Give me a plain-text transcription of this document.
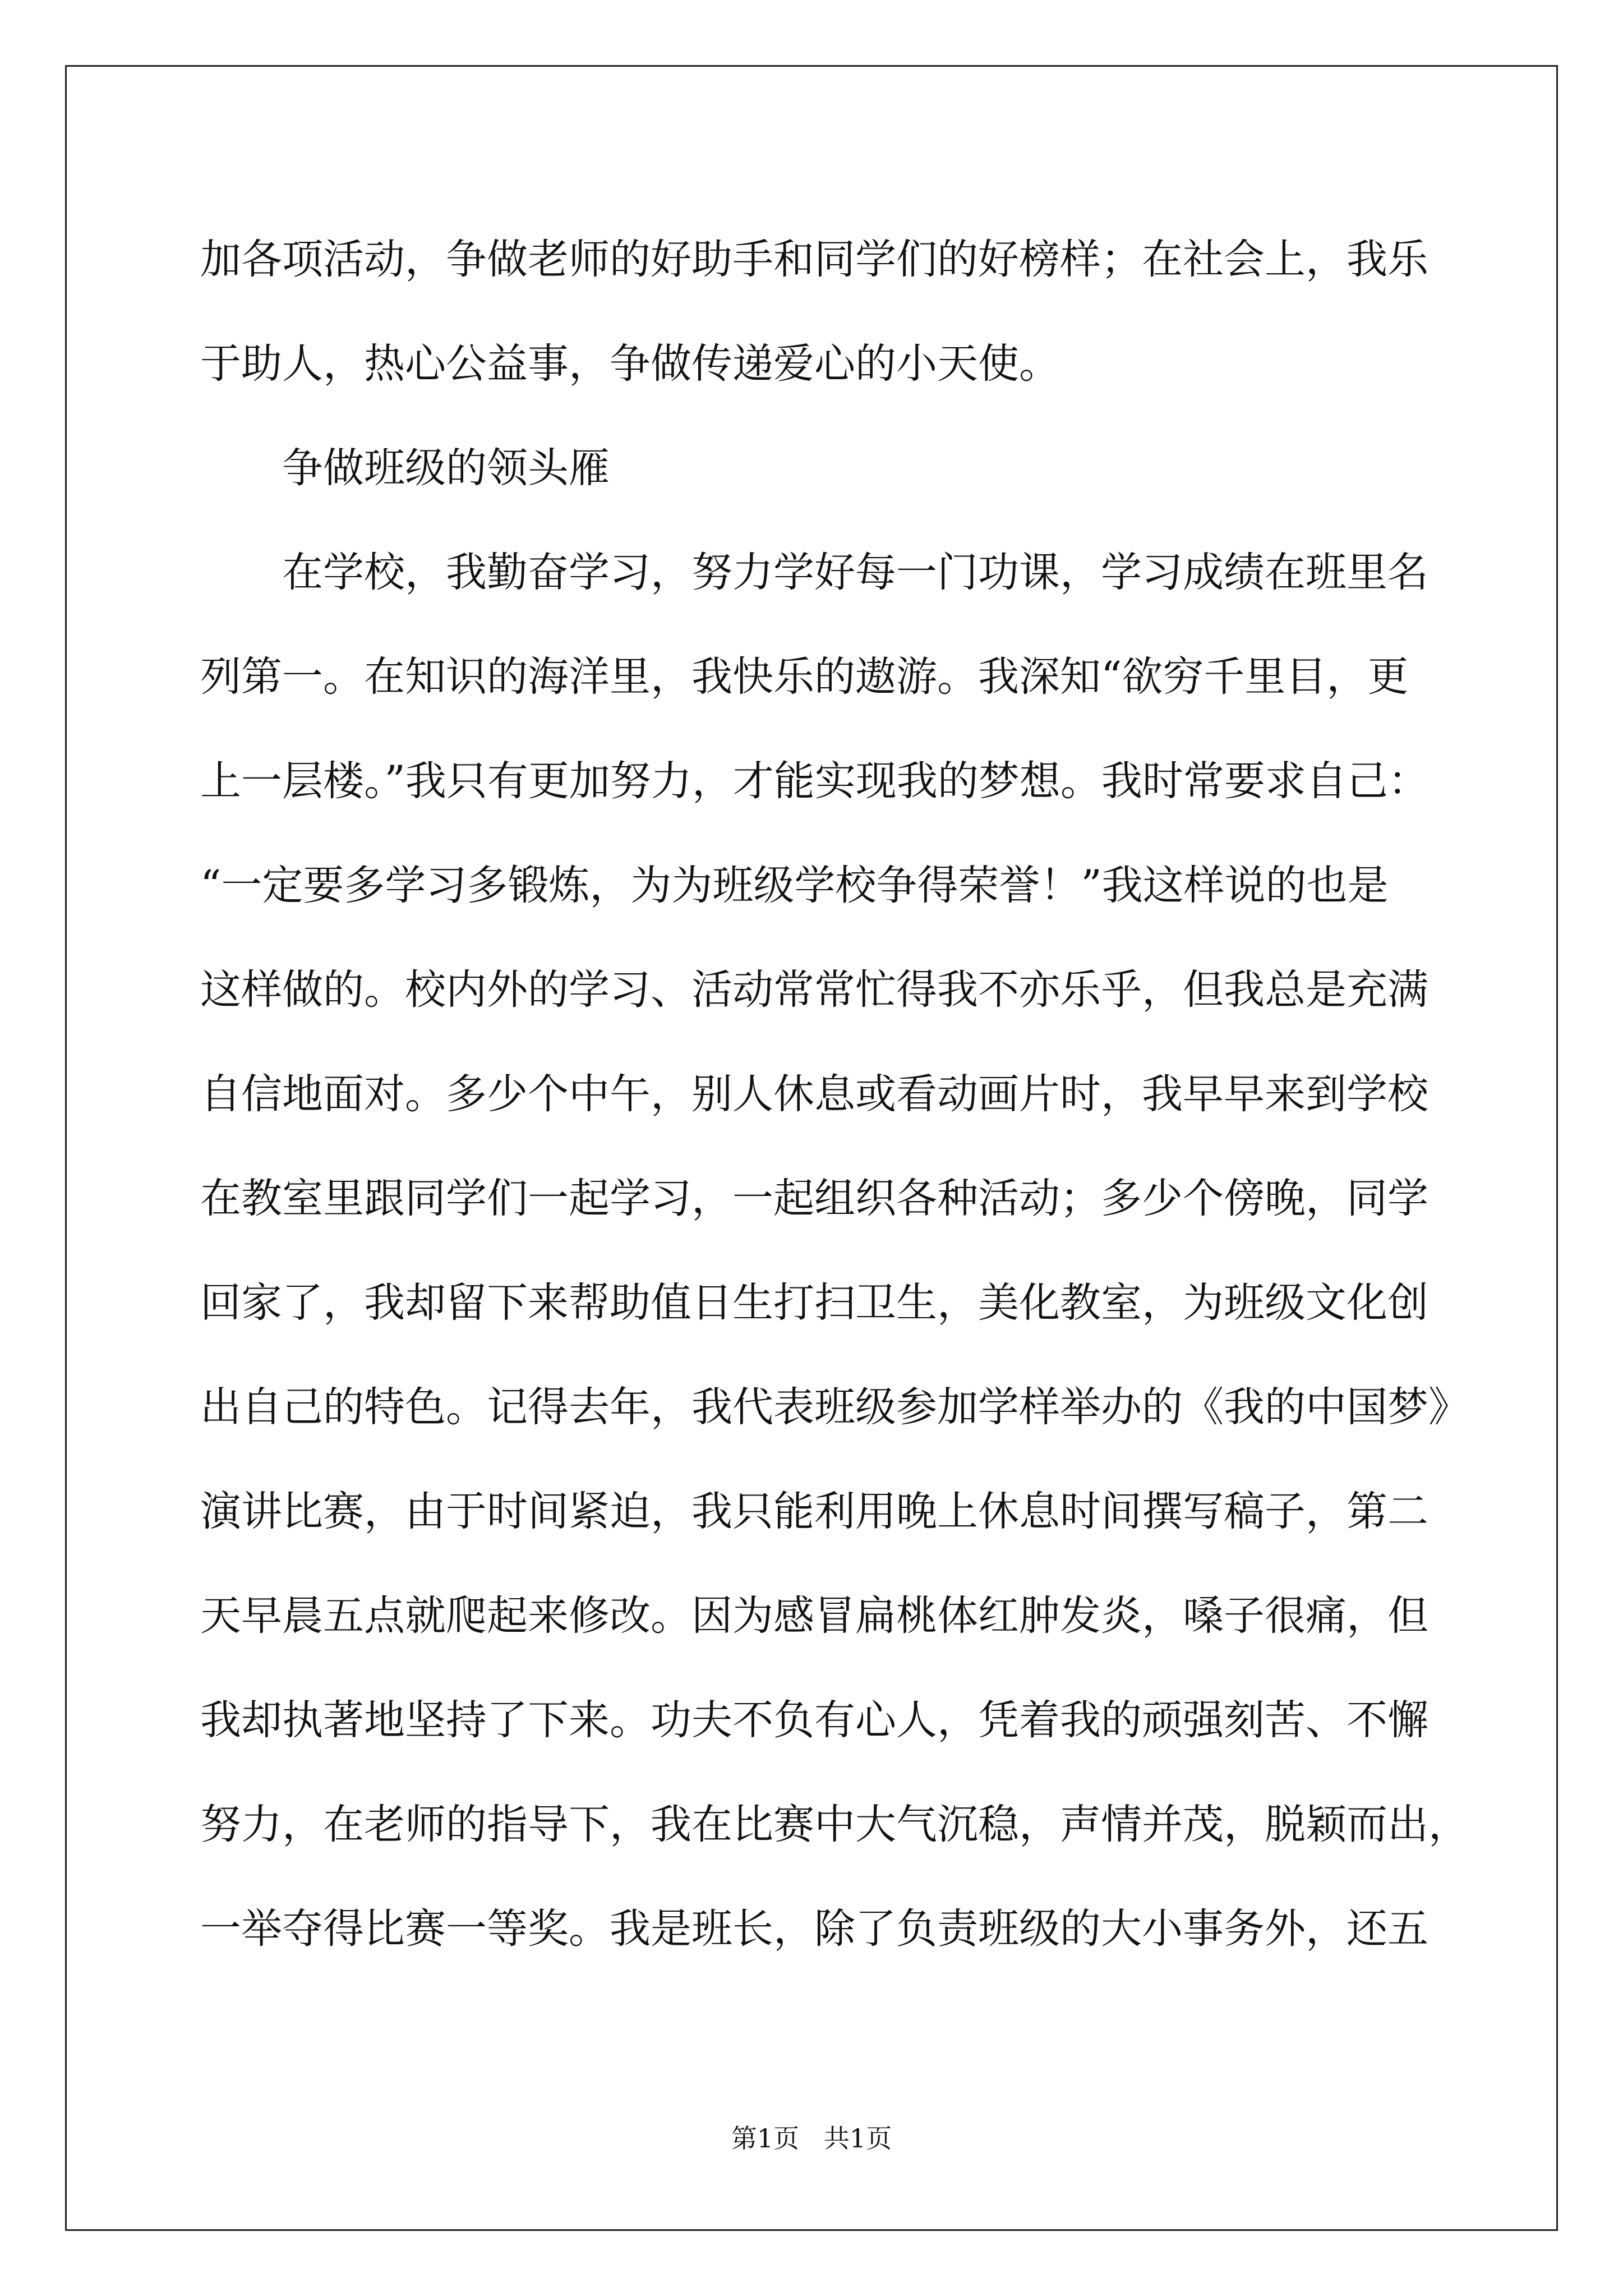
加各项活动，争做老师的好助手和同学们的好榜样；在社会上，我乐
于助人，热心公益事，争做传递爱心的小天使。
　　争做班级的领头雁
　　在学校，我勤奋学习，努力学好每一门功课，学习成绩在班里名
列第一。在知识的海洋里，我快乐的遨游。我深知“欲穷千里目，更
上一层楼。”我只有更加努力，才能实现我的梦想。我时常要求自己：
“一定要多学习多锻炼，为为班级学校争得荣誉！”我这样说的也是
这样做的。校内外的学习、活动常常忙得我不亦乐乎，但我总是充满
自信地面对。多少个中午，别人休息或看动画片时，我早早来到学校
在教室里跟同学们一起学习，一起组织各种活动；多少个傍晚，同学
回家了，我却留下来帮助值日生打扫卫生，美化教室，为班级文化创
出自己的特色。记得去年，我代表班级参加学样举办的《我的中国梦》
演讲比赛，由于时间紧迫，我只能利用晚上休息时间撰写稿子，第二
天早晨五点就爬起来修改。因为感冒扁桃体红肿发炎，嗓子很痛，但
我却执著地坚持了下来。功夫不负有心人，凭着我的顽强刻苦、不懈
努力，在老师的指导下，我在比赛中大气沉稳，声情并茂，脱颖而出，
一举夺得比赛一等奖。我是班长，除了负责班级的大小事务外，还五
第1页   共1页
